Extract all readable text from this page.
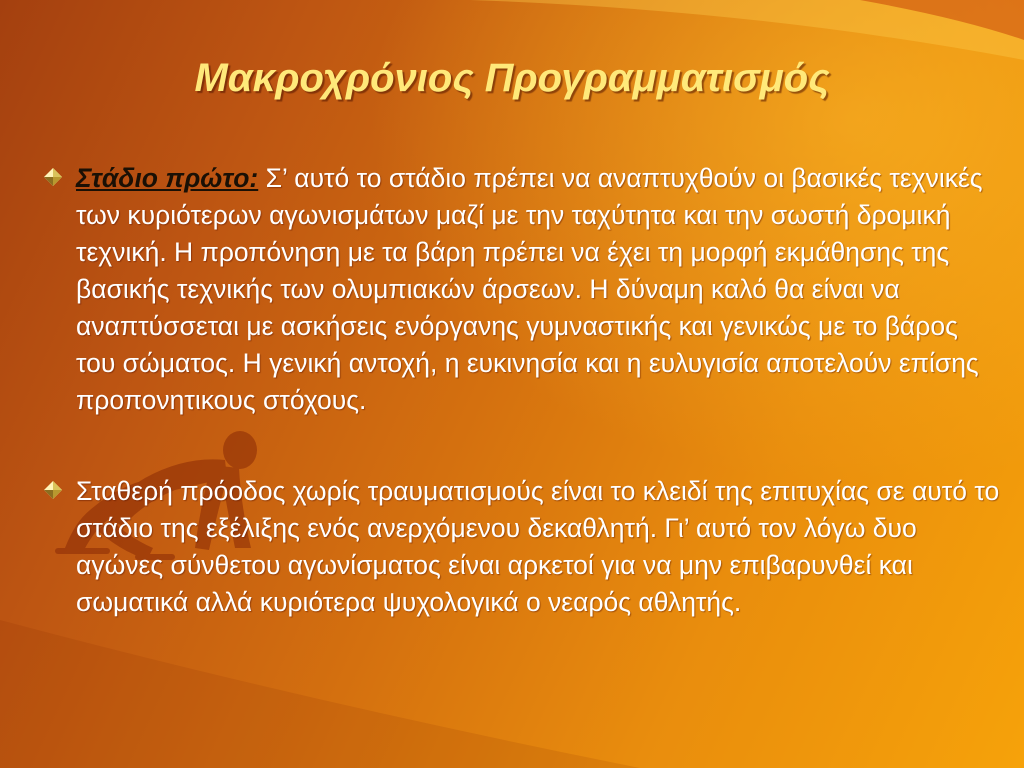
Μακροχρόνιος Προγραμματισμός
Στάδιο πρώτο: Σ’ αυτό το στάδιο πρέπει να αναπτυχθούν οι βασικές τεχνικές των κυριότερων αγωνισμάτων μαζί με την ταχύτητα και την σωστή δρομική τεχνική. Η προπόνηση με τα βάρη πρέπει να έχει τη μορφή εκμάθησης της βασικής τεχνικής των ολυμπιακών άρσεων. Η δύναμη καλό θα είναι να αναπτύσσεται με ασκήσεις ενόργανης γυμναστικής και γενικώς με το βάρος του σώματος. Η γενική αντοχή, η ευκινησία και η ευλυγισία αποτελούν επίσης προπονητικους στόχους.
Σταθερή πρόοδος χωρίς τραυματισμούς είναι το κλειδί της επιτυχίας σε αυτό το στάδιο της εξέλιξης ενός ανερχόμενου δεκαθλητή. Γι’ αυτό τον λόγω δυο αγώνες σύνθετου αγωνίσματος είναι αρκετοί για να μην επιβαρυνθεί και σωματικά αλλά κυριότερα ψυχολογικά ο νεαρός αθλητής.
